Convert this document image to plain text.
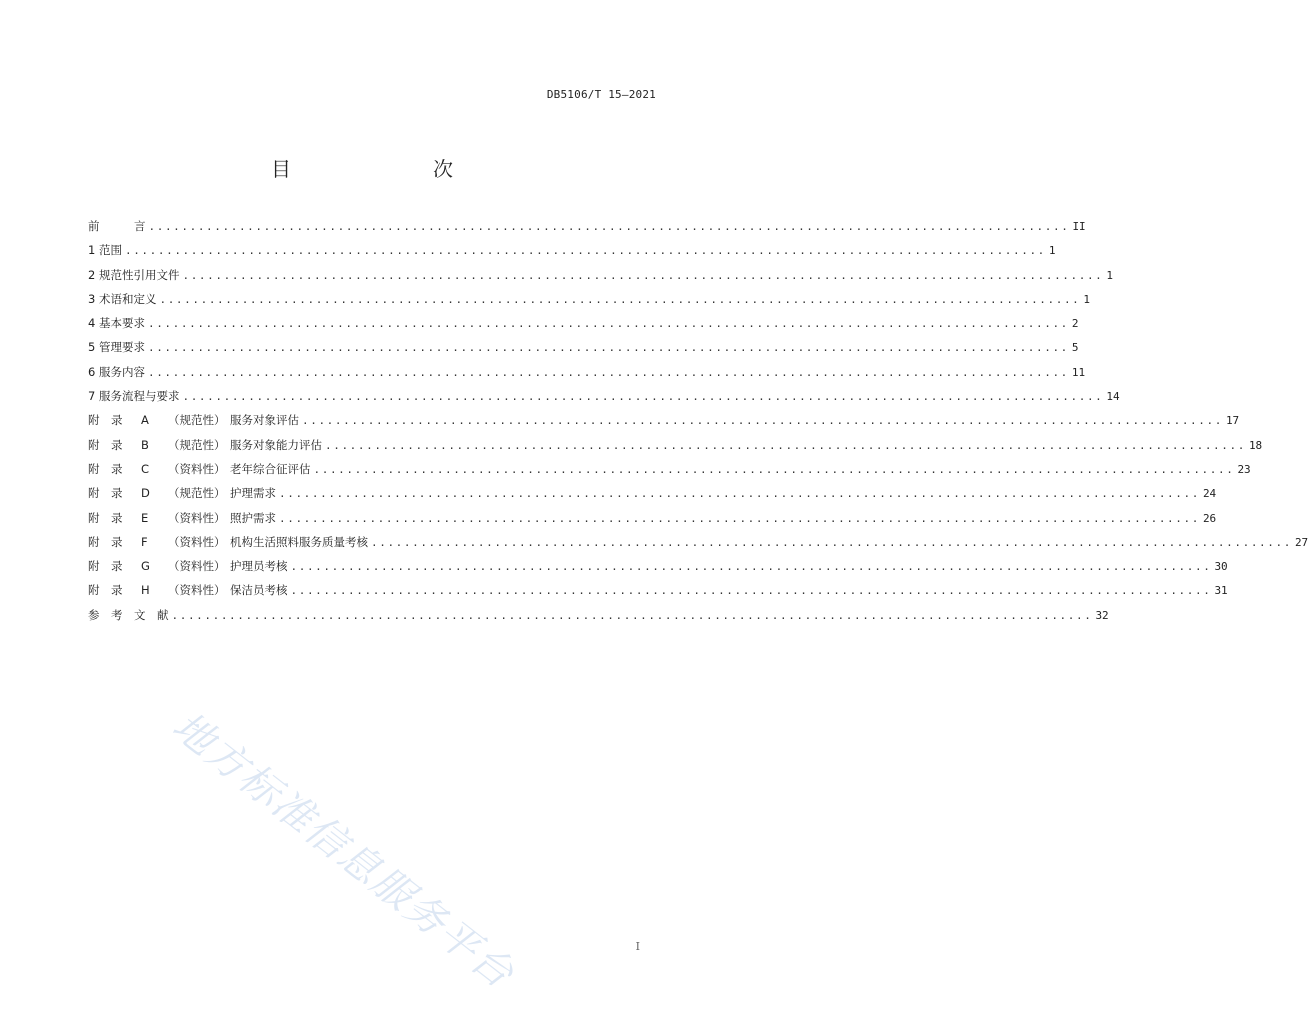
DB5106/T 15—2021
目　　次
前　　　言 ................................................................................................................ II
1 范围 ................................................................................................................ 1
2 规范性引用文件 ................................................................................................................ 1
3 术语和定义 ................................................................................................................ 1
4 基本要求 ................................................................................................................ 2
5 管理要求 ................................................................................................................ 5
6 服务内容 ................................................................................................................ 11
7 服务流程与要求 ................................................................................................................ 14
附　录 A （规范性） 服务对象评估 ................................................................................................................ 17
附　录 B （规范性） 服务对象能力评估 ................................................................................................................ 18
附　录 C （资料性） 老年综合征评估 ................................................................................................................ 23
附　录 D （规范性） 护理需求 ................................................................................................................ 24
附　录 E （资料性） 照护需求 ................................................................................................................ 26
附　录 F （资料性） 机构生活照料服务质量考核 ................................................................................................................ 27
附　录 G （资料性） 护理员考核 ................................................................................................................ 30
附　录 H （资料性） 保洁员考核 ................................................................................................................ 31
参　考　文　献 ................................................................................................................ 32
地方标准信息服务平台	I
